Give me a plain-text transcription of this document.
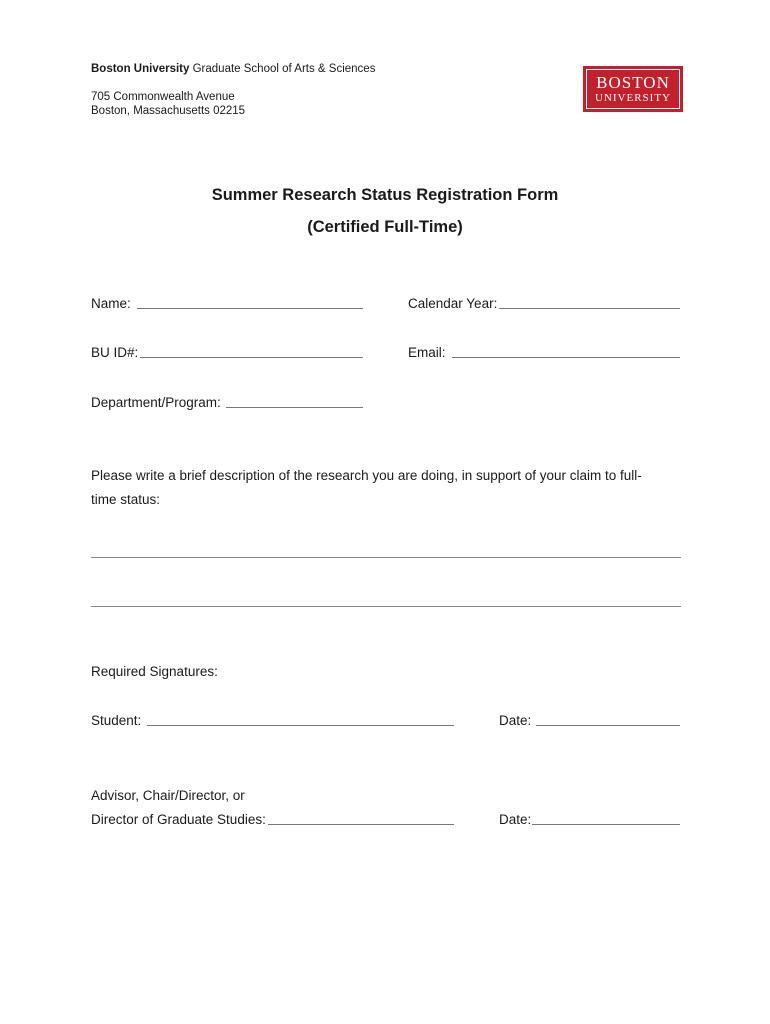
Boston University Graduate School of Arts & Sciences
705 Commonwealth Avenue
Boston, Massachusetts 02215
BOSTON
UNIVERSITY
Summer Research Status Registration Form
(Certified Full-Time)
Name:	Calendar Year:
BU ID#:	Email:
Department/Program:
Please write a brief description of the research you are doing, in support of your claim to full-
time status:
Required Signatures:
Student:	Date:
Advisor, Chair/Director, or
Director of Graduate Studies:	Date:
